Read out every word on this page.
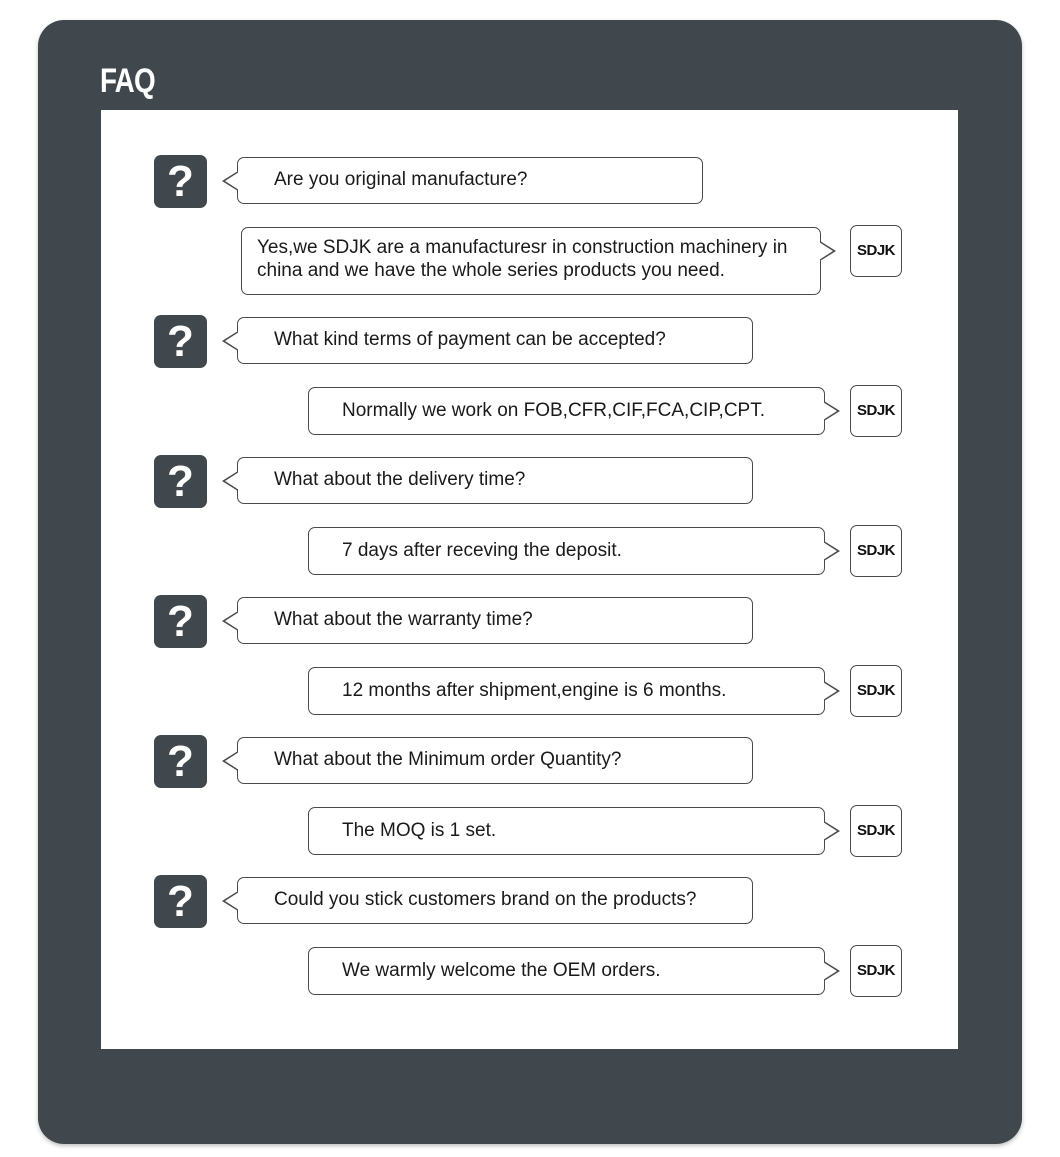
FAQ
?	Are you original manufacture?
Yes,we SDJK are a manufacturesr in construction machinery in china and we have the whole series products you need.
SDJK
?	What kind terms of payment can be accepted?
Normally we work on FOB,CFR,CIF,FCA,CIP,CPT.	SDJK
?	What about the delivery time?
7 days after receving the deposit.	SDJK
?	What about the warranty time?
12 months after shipment,engine is 6 months.	SDJK
?	What about the Minimum order Quantity?
The MOQ is 1 set.	SDJK
?	Could you stick customers brand on the products?
We warmly welcome the OEM orders.	SDJK
